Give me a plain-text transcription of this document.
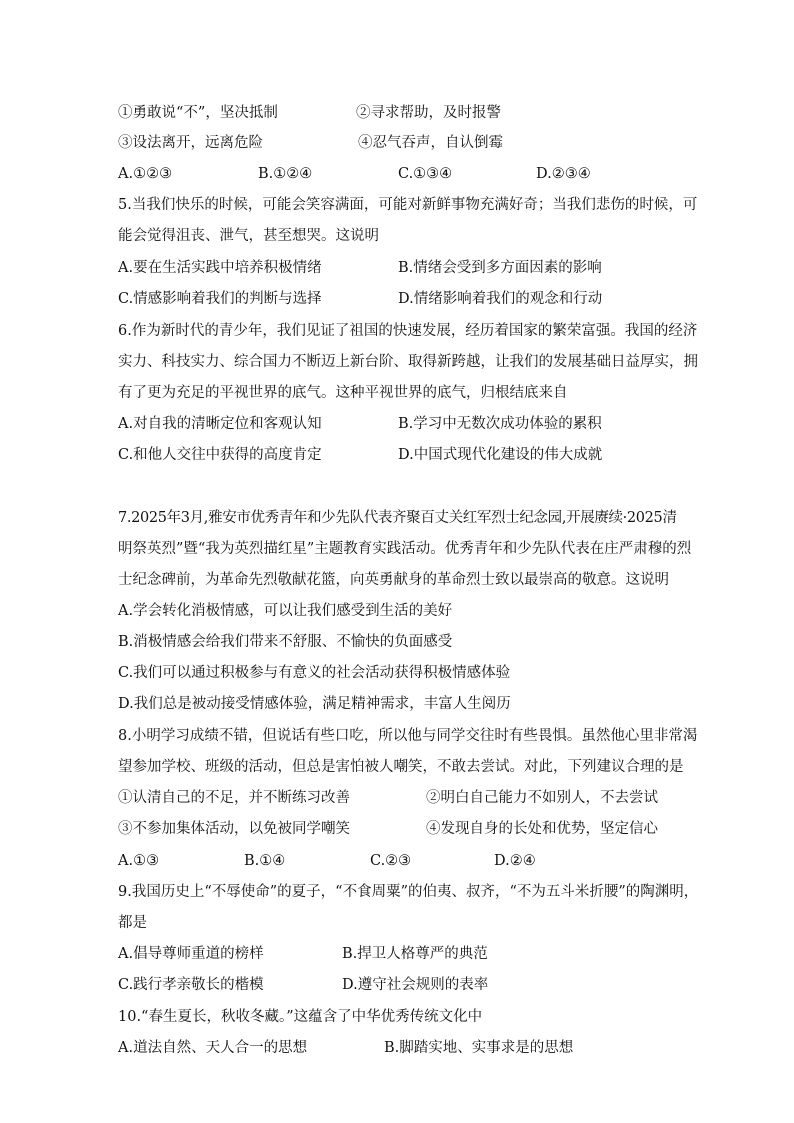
①勇敢说“不”，坚决抵制	②寻求帮助，及时报警
③设法离开，远离危险	④忍气吞声，自认倒霉
A.①②③	B.①②④	C.①③④	D.②③④
5.当我们快乐的时候，可能会笑容满面，可能对新鲜事物充满好奇；当我们悲伤的时候，可
能会觉得沮丧、泄气，甚至想哭。这说明
A.要在生活实践中培养积极情绪	B.情绪会受到多方面因素的影响
C.情感影响着我们的判断与选择	D.情绪影响着我们的观念和行动
6.作为新时代的青少年，我们见证了祖国的快速发展，经历着国家的繁荣富强。我国的经济
实力、科技实力、综合国力不断迈上新台阶、取得新跨越，让我们的发展基础日益厚实，拥
有了更为充足的平视世界的底气。这种平视世界的底气，归根结底来自
A.对自我的清晰定位和客观认知	B.学习中无数次成功体验的累积
C.和他人交往中获得的高度肯定	D.中国式现代化建设的伟大成就
7.2025年3月,雅安市优秀青年和少先队代表齐聚百丈关红军烈士纪念园,开展赓续·2025清
明祭英烈”暨“我为英烈描红星”主题教育实践活动。优秀青年和少先队代表在庄严肃穆的烈
士纪念碑前，为革命先烈敬献花篮，向英勇献身的革命烈士致以最崇高的敬意。这说明
A.学会转化消极情感，可以让我们感受到生活的美好
B.消极情感会给我们带来不舒服、不愉快的负面感受
C.我们可以通过积极参与有意义的社会活动获得积极情感体验
D.我们总是被动接受情感体验，满足精神需求，丰富人生阅历
8.小明学习成绩不错，但说话有些口吃，所以他与同学交往时有些畏惧。虽然他心里非常渴
望参加学校、班级的活动，但总是害怕被人嘲笑，不敢去尝试。对此，下列建议合理的是
①认清自己的不足，并不断练习改善	②明白自己能力不如别人，不去尝试
③不参加集体活动，以免被同学嘲笑	④发现自身的长处和优势，坚定信心
A.①③	B.①④	C.②③	D.②④
9.我国历史上“不辱使命”的夏子，“不食周粟”的伯夷、叔齐，“不为五斗米折腰”的陶渊明，
都是
A.倡导尊师重道的榜样	B.捍卫人格尊严的典范
C.践行孝亲敬长的楷模	D.遵守社会规则的表率
10.“春生夏长，秋收冬藏。”这蕴含了中华优秀传统文化中
A.道法自然、天人合一的思想	B.脚踏实地、实事求是的思想
